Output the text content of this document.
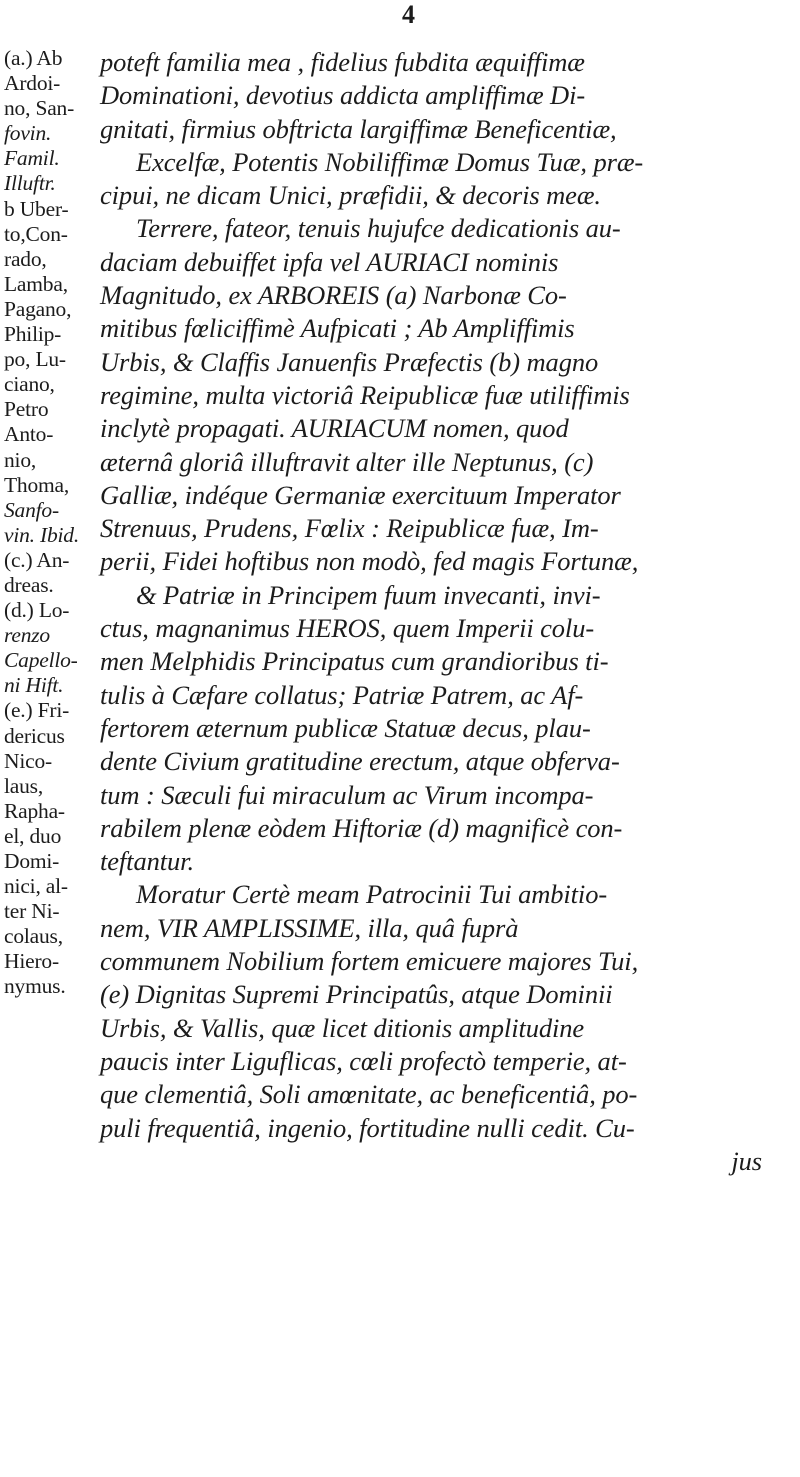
4
(a.) Ab
Ardoi-
no, San-
fovin.
Famil.
Illuftr.
b Uber-
to,Con-
rado,
Lamba,
Pagano,
Philip-
po, Lu-
ciano,
Petro
Anto-
nio,
Thoma,
Sanfo-
vin. Ibid.
(c.) An-
dreas.
(d.) Lo-
renzo
Capello-
ni Hift.
(e.) Fri-
dericus
Nico-
laus,
Rapha-
el, duo
Domi-
nici, al-
ter Ni-
colaus,
Hiero-
nymus.
poteft familia mea , fidelius fubdita æquiffimæ
Dominationi, devotius addicta ampliffimæ Di-
gnitati, firmius obftricta largiffimæ Beneficentiæ,
Excelfæ, Potentis Nobiliffimæ Domus Tuæ, præ-
cipui, ne dicam Unici, præfidii, & decoris meæ.
Terrere, fateor, tenuis hujufce dedicationis au-
daciam debuiffet ipfa vel AURIACI nominis
Magnitudo, ex ARBOREIS (a) Narbonæ Co-
mitibus fœliciffimè Aufpicati ; Ab Ampliffimis
Urbis, & Claffis Januenfis Præfectis (b) magno
regimine, multa victoriâ Reipublicæ fuæ utiliffimis
inclytè propagati. AURIACUM nomen, quod
æternâ gloriâ illuftravit alter ille Neptunus, (c)
Galliæ, indéque Germaniæ exercituum Imperator
Strenuus, Prudens, Fœlix : Reipublicæ fuæ, Im-
perii, Fidei hoftibus non modò, fed magis Fortunæ,
& Patriæ in Principem fuum invecanti, invi-
ctus, magnanimus HEROS, quem Imperii colu-
men Melphidis Principatus cum grandioribus ti-
tulis à Cæfare collatus; Patriæ Patrem, ac Af-
fertorem æternum publicæ Statuæ decus, plau-
dente Civium gratitudine erectum, atque obferva-
tum : Sæculi fui miraculum ac Virum incompa-
rabilem plenæ eòdem Hiftoriæ (d) magnificè con-
teftantur.
Moratur Certè meam Patrocinii Tui ambitio-
nem, VIR AMPLISSIME, illa, quâ fuprà
communem Nobilium fortem emicuere majores Tui,
(e) Dignitas Supremi Principatûs, atque Dominii
Urbis, & Vallis, quæ licet ditionis amplitudine
paucis inter Liguflicas, cœli profectò temperie, at-
que clementiâ, Soli amœnitate, ac beneficentiâ, po-
puli frequentiâ, ingenio, fortitudine nulli cedit. Cu-
jus
